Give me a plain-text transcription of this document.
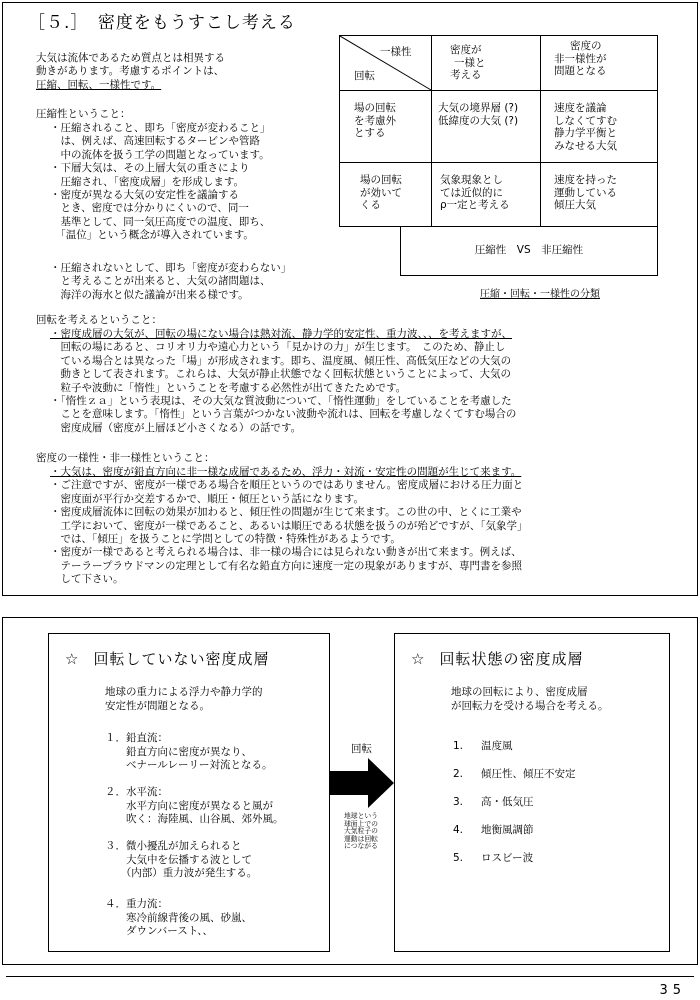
［５.］　密度をもうすこし考える
大気は流体であるため質点とは相異する
動きがあります。考慮するポイントは、
圧縮、回転、一様性です。
圧縮性ということ：
・圧縮されること、即ち「密度が変わること」
　は、例えば、高速回転するタービンや管路
　中の流体を扱う工学の問題となっています。
・下層大気は、その上層大気の重さにより
　圧縮され、「密度成層」を形成します。
・密度が異なる大気の安定性を議論する
　とき、密度では分かりにくいので、同一
　基準として、同一気圧高度での温度、即ち、
　「温位」という概念が導入されています。
・圧縮されないとして、即ち「密度が変わらない」
　と考えることが出来ると、大気の諸問題は、
　海洋の海水と似た議論が出来る様です。
一様性
回転
密度が
一様と
考える
密度の
非一様性が
問題となる
場の回転
を考慮外
とする
大気の境界層 (?)
低緯度の大気 (?)
速度を議論
しなくてすむ
静力学平衡と
みなせる大気
場の回転
が効いて
くる
気象現象とし
ては近似的に
ρ一定と考える
速度を持った
運動している
傾圧大気
圧縮性　VS　非圧縮性
圧縮・回転・一様性の分類
回転を考えるということ：
・密度成層の大気が、回転の場にない場合は熱対流、静力学的安定性、重力波、、、を考えますが、
　回転の場にあると、コリオリ力や遠心力という「見かけの力」が生じます。　このため、静止し
　ている場合とは異なった「場」が形成されます。即ち、温度風、傾圧性、高低気圧などの大気の
　動きとして表されます。これらは、大気が静止状態でなく回転状態ということによって、大気の
　粒子や波動に「惰性」ということを考慮する必然性が出てきたためです。
・「惰性ｚａ」という表現は、その大気な質波動について、「惰性運動」をしていることを考慮した
　ことを意味します。「惰性」という言葉がつかない波動や流れは、回転を考慮しなくてすむ場合の
　密度成層（密度が上層ほど小さくなる）の話です。
密度の一様性・非一様性ということ：
・大気は、密度が鉛直方向に非一様な成層であるため、浮力・対流・安定性の問題が生じて来ます。
・ご注意ですが、密度が一様である場合を順圧というのではありません。密度成層における圧力面と
　密度面が平行か交差するかで、順圧・傾圧という話になります。
・密度成層流体に回転の効果が加わると、傾圧性の問題が生じて来ます。この世の中、とくに工業や
　工学において、密度が一様であること、あるいは順圧である状態を扱うのが殆どですが、「気象学」
　では、「傾圧」を扱うことに学問としての特徴・特殊性があるようです。
・密度が一様であると考えられる場合は、非一様の場合には見られない動きが出て来ます。例えば、
　テーラープラウドマンの定理として有名な鉛直方向に速度一定の現象がありますが、専門書を参照
　して下さい。
☆ 回転していない密度成層
地球の重力による浮力や静力学的
安定性が問題となる。
１．鉛直流：
　　鉛直方向に密度が異なり、
　　ベナールレーリー対流となる。
２．水平流：
　　水平方向に密度が異なると風が
　　吹く：海陸風、山谷風、郊外風。
３．微小擾乱が加えられると
　　大気中を伝播する波として
　　（内部）重力波が発生する。
４．重力流：
　　寒冷前線背後の風、砂嵐、
　　ダウンバースト、、
回転
地球という
球面上での
大気粒子の
運動は回転
につながる
☆ 回転状態の密度成層
地球の回転により、密度成層
が回転力を受ける場合を考える。
1. 温度風
2. 傾圧性、傾圧不安定
3. 高・低気圧
4. 地衡風調節
5. ロスビー波
35
